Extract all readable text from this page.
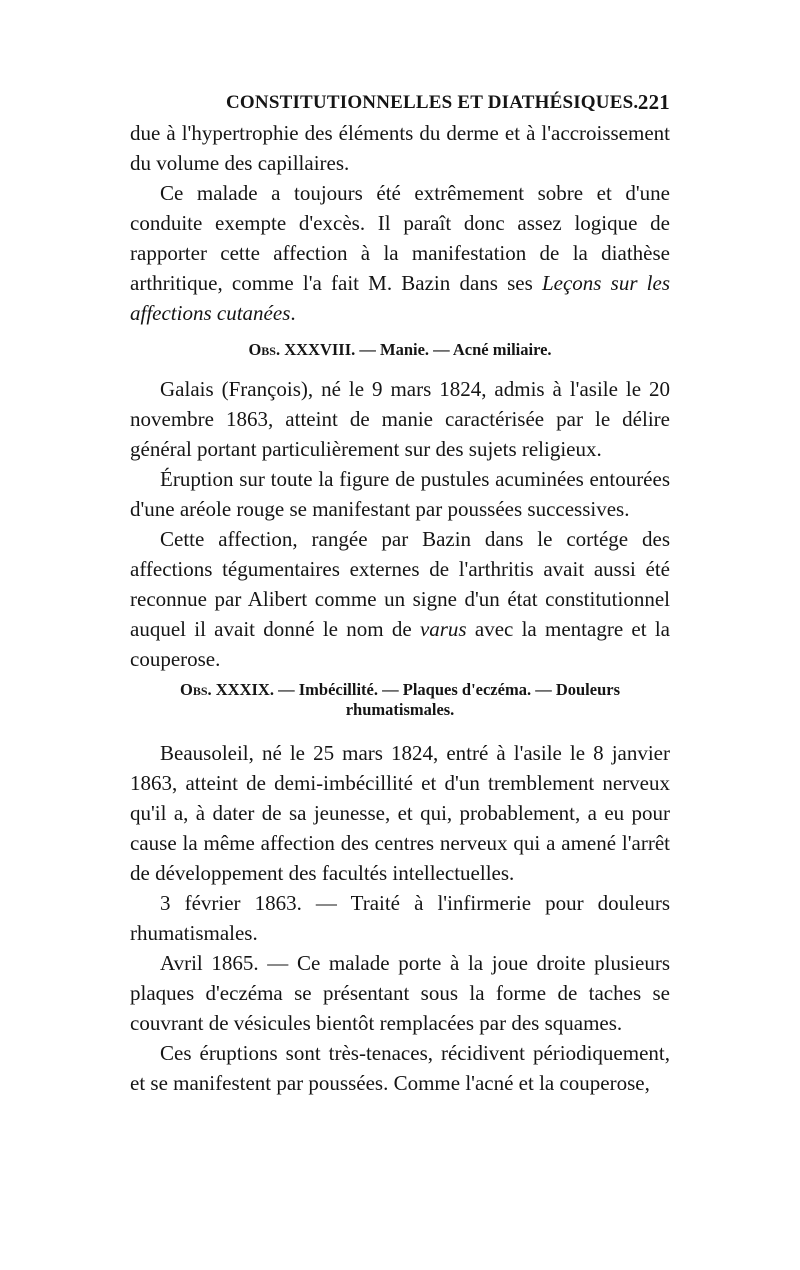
CONSTITUTIONNELLES ET DIATHÉSIQUES. 221

due à l'hypertrophie des éléments du derme et à l'accroissement du volume des capillaires.

Ce malade a toujours été extrêmement sobre et d'une conduite exempte d'excès. Il paraît donc assez logique de rapporter cette affection à la manifestation de la diathèse arthritique, comme l'a fait M. Bazin dans ses Leçons sur les affections cutanées.

Obs. XXXVIII. — Manie. — Acné miliaire.

Galais (François), né le 9 mars 1824, admis à l'asile le 20 novembre 1863, atteint de manie caractérisée par le délire général portant particulièrement sur des sujets religieux.

Éruption sur toute la figure de pustules acuminées entourées d'une aréole rouge se manifestant par poussées successives.

Cette affection, rangée par Bazin dans le cortége des affections tégumentaires externes de l'arthritis avait aussi été reconnue par Alibert comme un signe d'un état constitutionnel auquel il avait donné le nom de varus avec la mentagre et la couperose.

Obs. XXXIX. — Imbécillité. — Plaques d'eczéma. — Douleurs rhumatismales.

Beausoleil, né le 25 mars 1824, entré à l'asile le 8 janvier 1863, atteint de demi-imbécillité et d'un tremblement nerveux qu'il a, à dater de sa jeunesse, et qui, probablement, a eu pour cause la même affection des centres nerveux qui a amené l'arrêt de développement des facultés intellectuelles.

3 février 1863. — Traité à l'infirmerie pour douleurs rhumatismales.

Avril 1865. — Ce malade porte à la joue droite plusieurs plaques d'eczéma se présentant sous la forme de taches se couvrant de vésicules bientôt remplacées par des squames.

Ces éruptions sont très-tenaces, récidivent périodiquement, et se manifestent par poussées. Comme l'acné et la couperose,
